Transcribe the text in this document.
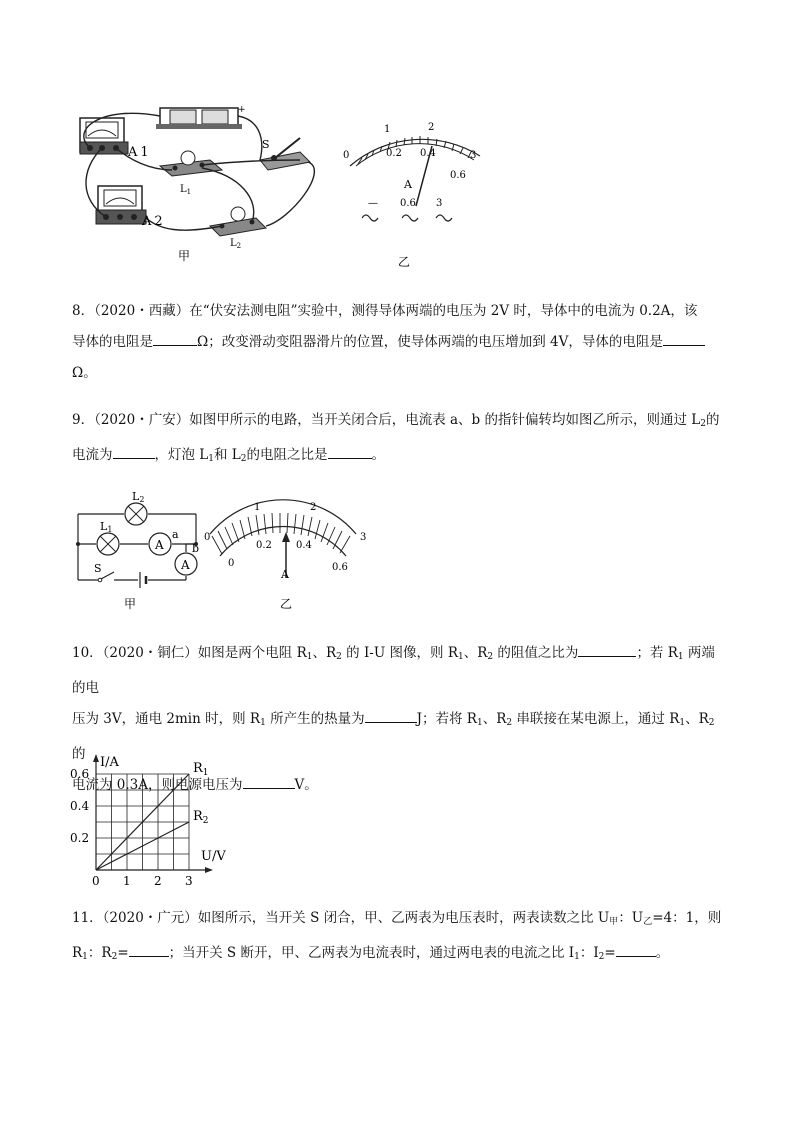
A 1
A 2
S
$L_1$
$L_2$
+
甲
0
1	2
3
0.2 0.4
0.6
A
— 0.6 3
乙
8．（2020・西藏）在“伏安法测电阻”实验中，测得导体两端的电压为 2V 时，导体中的电流为 0.2A，该
导体的电阻是	Ω；改变滑动变阻器滑片的位置，使导体两端的电压增加到 4V，导体的电阻是
Ω。
9．（2020・广安）如图甲所示的电路，当开关闭合后，电流表 a、b 的指针偏转均如图乙所示，则通过 $L_2$的
电流为	，灯泡 $L_1$和 $L_2$的电阻之比是	。
A
A
L2
L1	a
b
S
甲
0
1	2
3
0
0.2 0.4
0.6
A
乙
10．（2020・铜仁）如图是两个电阻 $R_1$、$R_2$ 的 I-U 图像，则 $R_1$、$R_2$ 的阻值之比为	；若 $R_1$ 两端的电
压为 3V，通电 2min 时，则 $R_1$ 所产生的热量为	J；若将 $R_1$、$R_2$ 串联接在某电源上，通过 $R_1$、$R_2$ 的
电流为 0.3A，则电源电压为	V。
I/A
U/V
0 1 2 3
0.2
0.4
0.6	$R_1$
$R_2$
11．（2020・广元）如图所示，当开关 S 闭合，甲、乙两表为电压表时，两表读数之比 $U_甲$：$U_乙=4$：1，则
$R_1$：$R_2=$	；当开关 S 断开，甲、乙两表为电流表时，通过两电表的电流之比 $I_1$：$I_2=$	。
